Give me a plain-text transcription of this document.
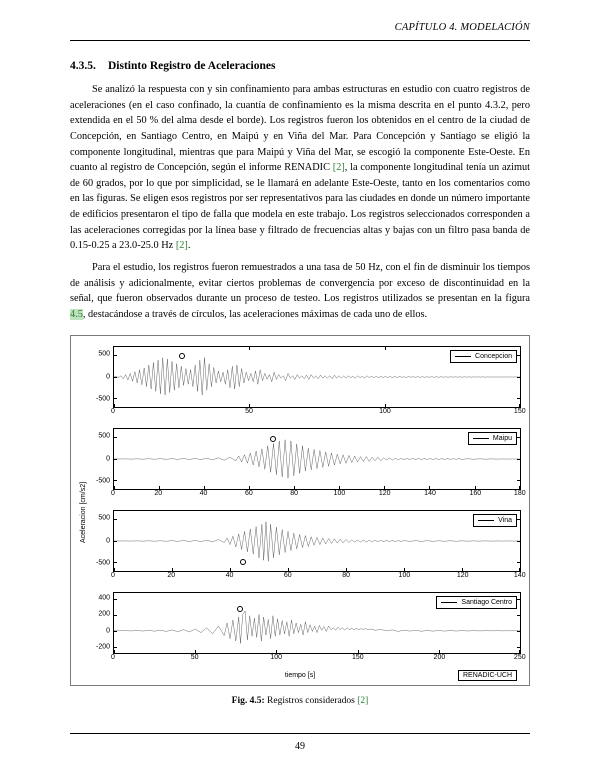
CAPÍTULO 4. MODELACIÓN
4.3.5. Distinto Registro de Aceleraciones

Se analizó la respuesta con y sin confinamiento para ambas estructuras en estudio con cuatro registros de aceleraciones (en el caso confinado, la cuantía de confinamiento es la misma descrita en el punto 4.3.2, pero extendida en el 50 % del alma desde el borde). Los registros fueron los obtenidos en el centro de la ciudad de Concepción, en Santiago Centro, en Maipú y en Viña del Mar. Para Concepción y Santiago se eligió la componente longitudinal, mientras que para Maipú y Viña del Mar, se escogió la componente Este-Oeste. En cuanto al registro de Concepción, según el informe RENADIC [2], la componente longitudinal tenía un azimut de 60 grados, por lo que por simplicidad, se le llamará en adelante Este-Oeste, tanto en los comentarios como en las figuras. Se eligen esos registros por ser representativos para las ciudades en donde un número importante de edificios presentaron el tipo de falla que modela en este trabajo. Los registros seleccionados corresponden a las aceleraciones corregidas por la línea base y filtrado de frecuencias altas y bajas con un filtro pasa banda de 0.15-0.25 a 23.0-25.0 Hz [2].

Para el estudio, los registros fueron remuestrados a una tasa de 50 Hz, con el fin de disminuir los tiempos de análisis y adicionalmente, evitar ciertos problemas de convergencia por exceso de discontinuidad en la señal, que fueron observados durante un proceso de testeo. Los registros utilizados se presentan en la figura 4.5, destacándose a través de círculos, las aceleraciones máximas de cada uno de ellos.

Aceleracion [cm/s2]
500
0
-500
Concepcion
0	50	100	150
500
0
-500
Maipu
0	20	40	60	80	100	120	140	160	180
500
0
-500
Vina
0	20	40	60	80	100	120	140
400
200
0
-200
Santiago Centro
0	50	100	150	200	250
tiempo [s]	RENADIC-UCH
Fig. 4.5: Registros considerados [2]
49
